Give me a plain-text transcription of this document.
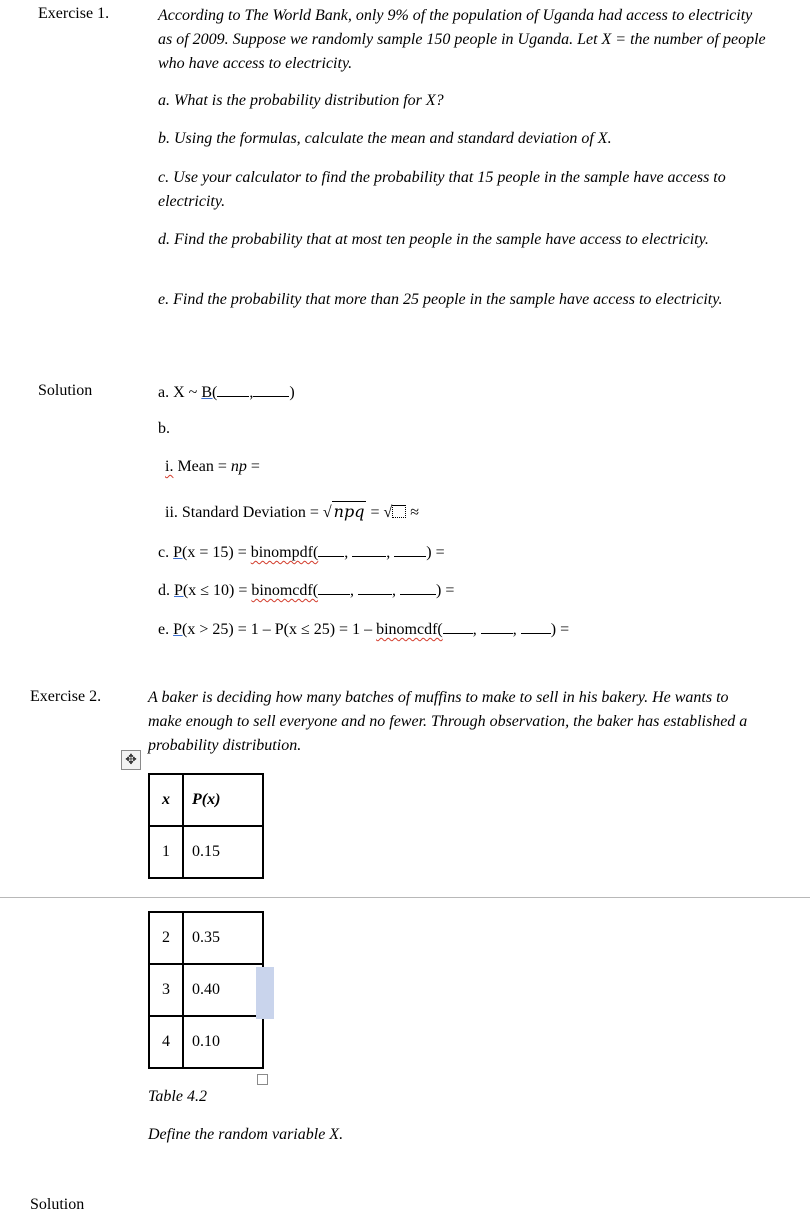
Exercise 1.	According to The World Bank, only 9% of the population of Uganda had access to electricity as of 2009. Suppose we randomly sample 150 people in Uganda. Let X = the number of people who have access to electricity.
a. What is the probability distribution for X?
b. Using the formulas, calculate the mean and standard deviation of X.
c. Use your calculator to find the probability that 15 people in the sample have access to electricity.
d. Find the probability that at most ten people in the sample have access to electricity.
e. Find the probability that more than 25 people in the sample have access to electricity.
Solution	a. X ~ B( , )
b.
i. Mean = np =
ii. Standard Deviation = √ npq = √ ≈
c. P(x = 15) = binompdf( , , ) =
d. P(x ≤ 10) = binomcdf( , , ) =
e. P(x > 25) = 1 – P(x ≤ 25) = 1 – binomcdf( , , ) =
Exercise 2.	A baker is deciding how many batches of muffins to make to sell in his bakery. He wants to make enough to sell everyone and no fewer. Through observation, the baker has established a probability distribution.
✥
x	P(x)
1	0.15
2	0.35
3	0.40
4	0.10
Table 4.2
Define the random variable X.
Solution
